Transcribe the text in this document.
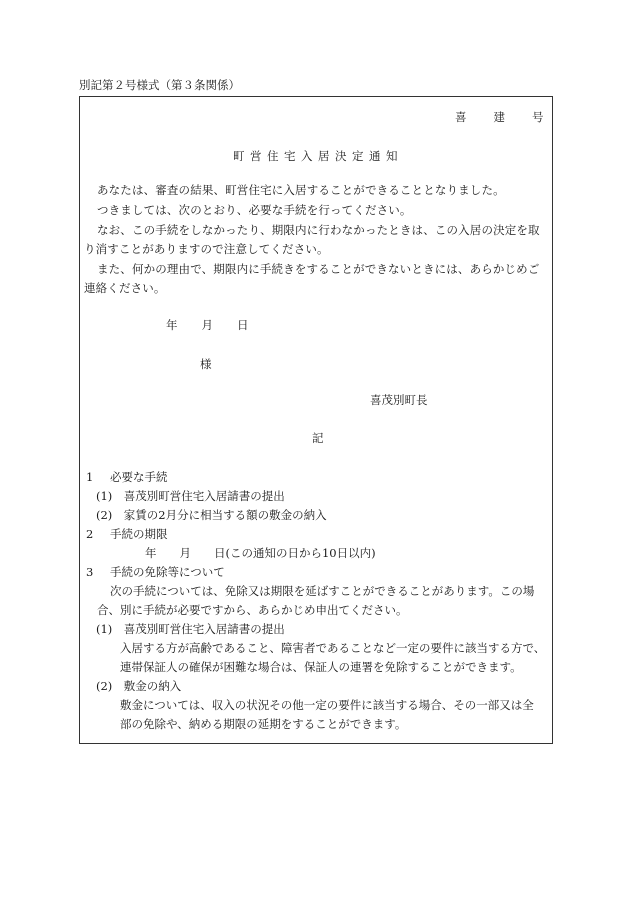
別記第２号様式（第３条関係）
喜建号
町営住宅入居決定通知
あなたは、審査の結果、町営住宅に入居することができることとなりました。
つきましては、次のとおり、必要な手続を行ってください。
なお、この手続をしなかったり、期限内に行わなかったときは、この入居の決定を取
り消すことがありますので注意してください。
また、何かの理由で、期限内に手続きをすることができないときには、あらかじめご
連絡ください。
年 月 日
様
喜茂別町長
記
1 必要な手続
(1)　喜茂別町営住宅入居請書の提出
(2)　家賃の2月分に相当する額の敷金の納入
2 手続の期限
年　　月　　日(この通知の日から10日以内)
3 手続の免除等について
次の手続については、免除又は期限を延ばすことができることがあります。この場
合、別に手続が必要ですから、あらかじめ申出てください。
(1)　喜茂別町営住宅入居請書の提出
入居する方が高齢であること、障害者であることなど一定の要件に該当する方で、
連帯保証人の確保が困難な場合は、保証人の連署を免除することができます。
(2)　敷金の納入
敷金については、収入の状況その他一定の要件に該当する場合、その一部又は全
部の免除や、納める期限の延期をすることができます。
